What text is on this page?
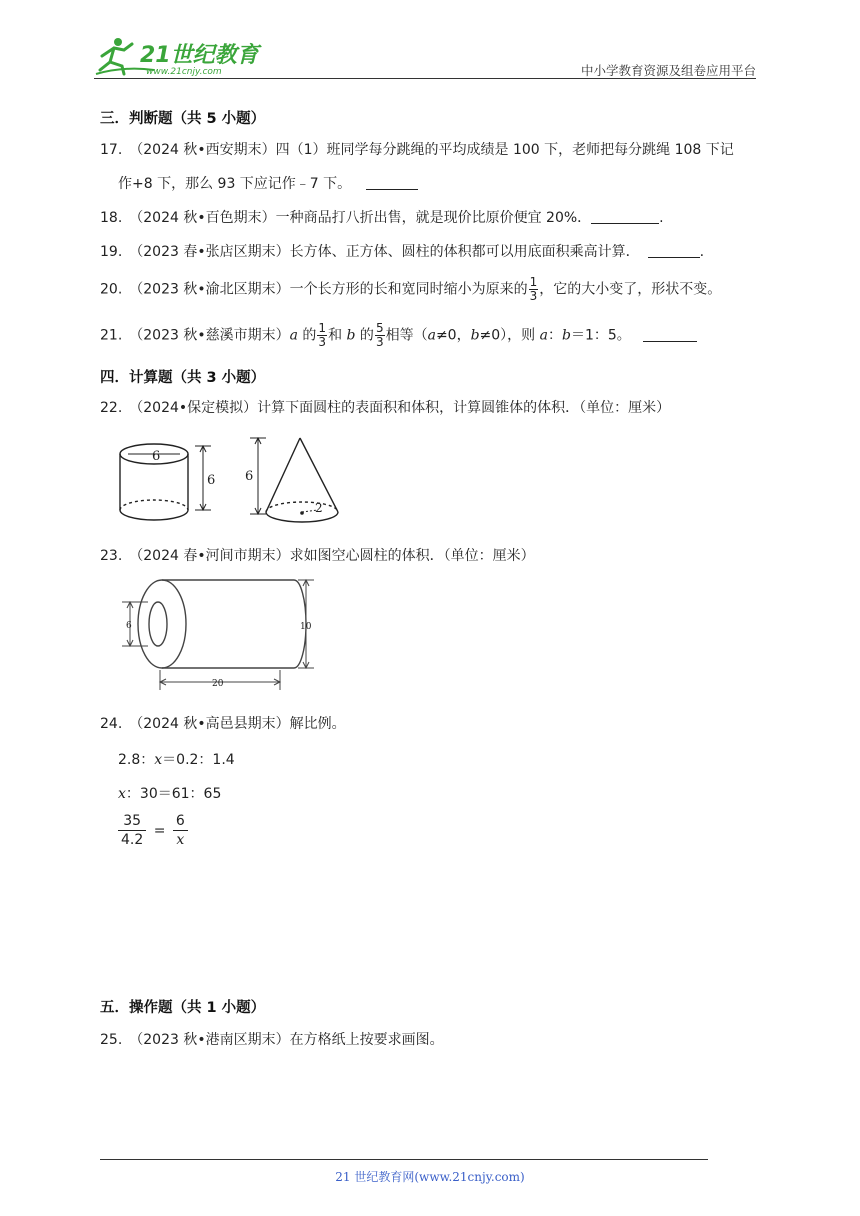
21世纪教育
www.21cnjy.com	中小学教育资源及组卷应用平台
三．判断题（共 5 小题）
17.　（2024 秋•西安期末）四（1）班同学每分跳绳的平均成绩是 100 下，老师把每分跳绳 108 下记
作+8 下，那么 93 下应记作﹣7 下。
18.　（2024 秋•百色期末）一种商品打八折出售，就是现价比原价便宜 20%．	.
19.　（2023 春•张店区期末）长方体、正方体、圆柱的体积都可以用底面积乘高计算．	.
20.　（2023 秋•渝北区期末）一个长方形的长和宽同时缩小为原来的 $\frac{1}{3}$ ，它的大小变了，形状不变。
21.　（2023 秋•慈溪市期末）a 的 $\frac{1}{3}$ 和 b 的 $\frac{5}{3}$ 相等（a≠0，b≠0），则 a：b＝1：5。
四．计算题（共 3 小题）
22.　（2024•保定模拟）计算下面圆柱的表面积和体积，计算圆锥体的体积．（单位：厘米）
6
6 6
2
23.　（2024 春•河间市期末）求如图空心圆柱的体积．（单位：厘米）
6	10
20
24.　（2024 秋•高邑县期末）解比例。
2.8：x＝0.2：1.4
x：30＝61：65
$\frac{35}{4.2} = \frac{6}{x}$
五．操作题（共 1 小题）
25.　（2023 秋•港南区期末）在方格纸上按要求画图。
21 世纪教育网(www.21cnjy.com)
